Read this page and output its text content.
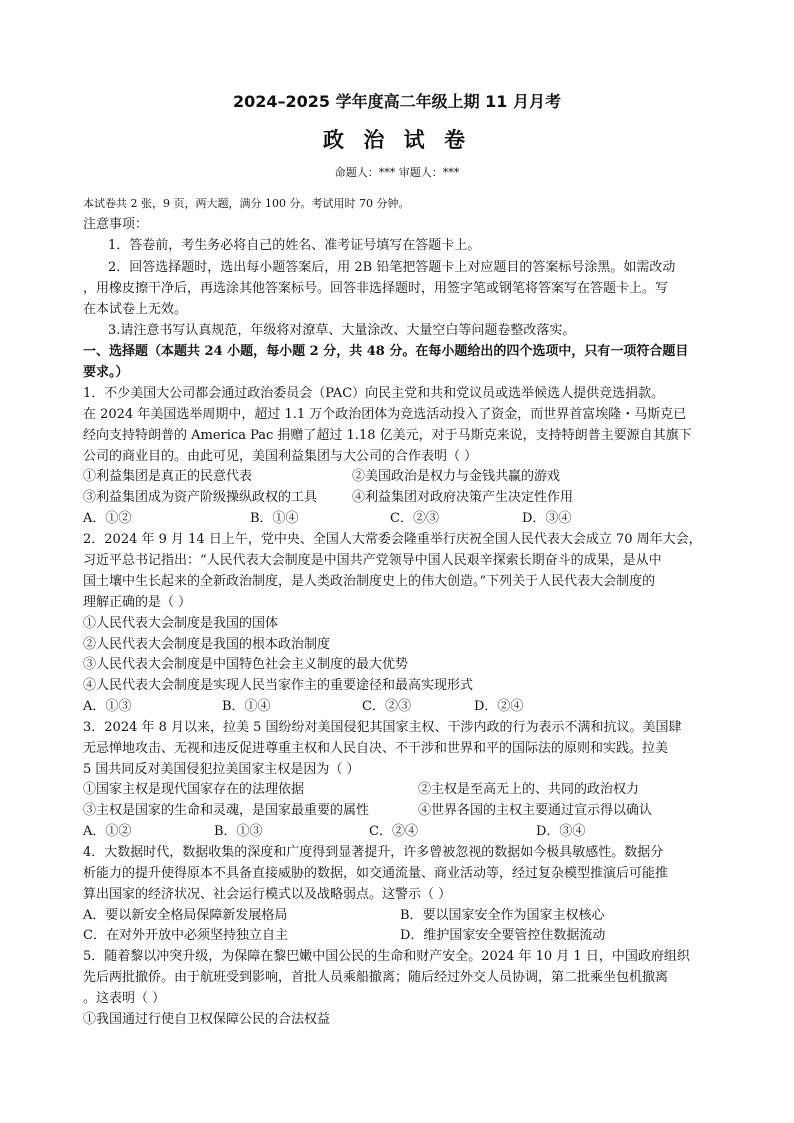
2024–2025 学年度高二年级上期 11 月月考
政 治 试 卷
命题人：*** 审题人：***
本试卷共 2 张，9 页，两大题，满分 100 分。考试用时 70 分钟。
注意事项：
1．答卷前，考生务必将自己的姓名、准考证号填写在答题卡上。
2．回答选择题时，选出每小题答案后，用 2B 铅笔把答题卡上对应题目的答案标号涂黑。如需改动
，用橡皮擦干净后，再选涂其他答案标号。回答非选择题时，用签字笔或钢笔将答案写在答题卡上。写
在本试卷上无效。
3.请注意书写认真规范，年级将对潦草、大量涂改、大量空白等问题卷整改落实。
一、选择题（本题共 24 小题，每小题 2 分，共 48 分。在每小题给出的四个选项中，只有一项符合题目
要求。）
1．不少美国大公司都会通过政治委员会（PAC）向民主党和共和党议员或选举候选人提供竞选捐款。
在 2024 年美国选举周期中，超过 1.1 万个政治团体为竞选活动投入了资金，而世界首富埃隆・马斯克已
经向支持特朗普的 America Pac 捐赠了超过 1.18 亿美元，对于马斯克来说，支持特朗普主要源自其旗下
公司的商业目的。由此可见，美国利益集团与大公司的合作表明（ ）
①利益集团是真正的民意代表	②美国政治是权力与金钱共赢的游戏
③利益集团成为资产阶级操纵政权的工具	④利益集团对政府决策产生决定性作用
A．①②	B．①④	C．②③	D．③④
2．2024 年 9 月 14 日上午，党中央、全国人大常委会隆重举行庆祝全国人民代表大会成立 70 周年大会，
习近平总书记指出：“人民代表大会制度是中国共产党领导中国人民艰辛探索长期奋斗的成果，是从中
国土壤中生长起来的全新政治制度，是人类政治制度史上的伟大创造。”下列关于人民代表大会制度的
理解正确的是（ ）
①人民代表大会制度是我国的国体
②人民代表大会制度是我国的根本政治制度
③人民代表大会制度是中国特色社会主义制度的最大优势
④人民代表大会制度是实现人民当家作主的重要途径和最高实现形式
A．①③	B．①④	C．②③	D．②④
3．2024 年 8 月以来，拉美 5 国纷纷对美国侵犯其国家主权、干涉内政的行为表示不满和抗议。美国肆
无忌惮地攻击、无视和违反促进尊重主权和人民自决、不干涉和世界和平的国际法的原则和实践。拉美
5 国共同反对美国侵犯拉美国家主权是因为（ ）
①国家主权是现代国家存在的法理依据	②主权是至高无上的、共同的政治权力
③主权是国家的生命和灵魂，是国家最重要的属性	④世界各国的主权主要通过宣示得以确认
A．①②	B．①③	C．②④	D．③④
4．大数据时代，数据收集的深度和广度得到显著提升，许多曾被忽视的数据如今极具敏感性。数据分
析能力的提升使得原本不具备直接威胁的数据，如交通流量、商业活动等，经过复杂模型推演后可能推
算出国家的经济状况、社会运行模式以及战略弱点。这警示（ ）
A．要以新安全格局保障新发展格局	B．要以国家安全作为国家主权核心
C．在对外开放中必须坚持独立自主	D．维护国家安全要管控住数据流动
5．随着黎以冲突升级，为保障在黎巴嫩中国公民的生命和财产安全。2024 年 10 月 1 日，中国政府组织
先后两批撤侨。由于航班受到影响，首批人员乘船撤离；随后经过外交人员协调，第二批乘坐包机撤离
。这表明（ ）
①我国通过行使自卫权保障公民的合法权益
